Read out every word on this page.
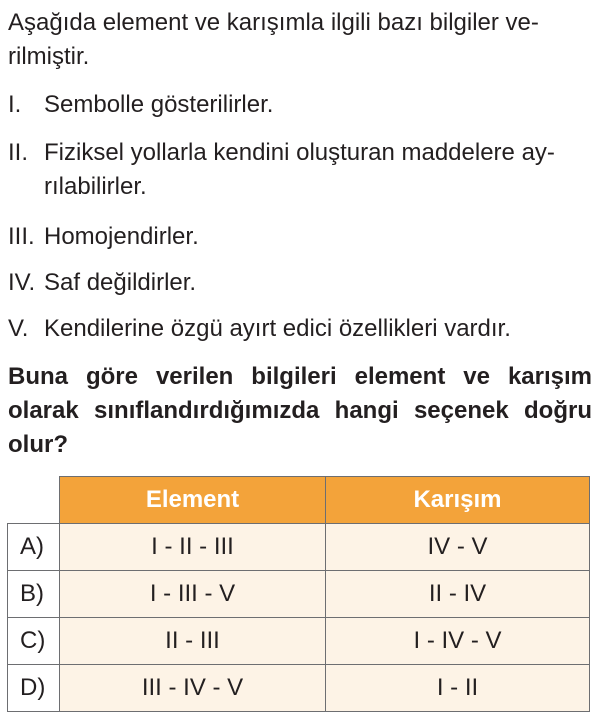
Aşağıda element ve karışımla ilgili bazı bilgiler ve-
rilmiştir.

I. Sembolle gösterilirler.
II. Fiziksel yollarla kendini oluşturan maddelere ay-
rılabilirler.
III. Homojendirler.
IV. Saf değildirler.
V. Kendilerine özgü ayırt edici özellikleri vardır.

Buna göre verilen bilgileri element ve karışım
olarak sınıflandırdığımızda hangi seçenek doğru
olur?

	Element	Karışım
A)	I - II - III	IV - V
B)	I - III - V	II - IV
C)	II - III	I - IV - V
D)	III - IV - V	I - II
